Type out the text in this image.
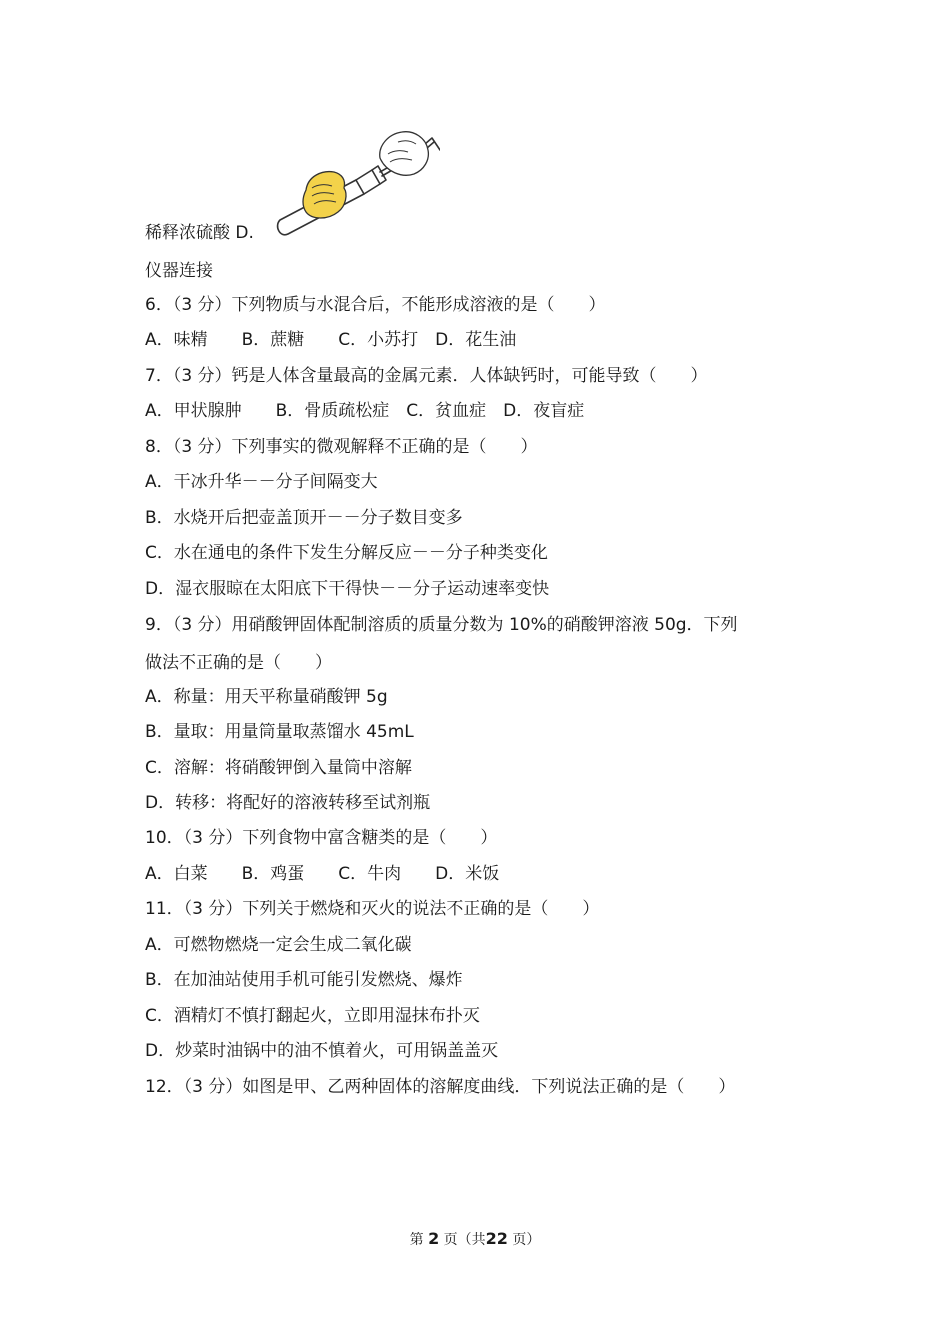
稀释浓硫酸 D.
仪器连接
6．（3 分）下列物质与水混合后，不能形成溶液的是（　　）
A．味精　　B．蔗糖　　C．小苏打　D．花生油
7．（3 分）钙是人体含量最高的金属元素．人体缺钙时，可能导致（　　）
A．甲状腺肿　　B．骨质疏松症　C．贫血症　D．夜盲症
8．（3 分）下列事实的微观解释不正确的是（　　）
A．干冰升华－－分子间隔变大
B．水烧开后把壶盖顶开－－分子数目变多
C．水在通电的条件下发生分解反应－－分子种类变化
D．湿衣服晾在太阳底下干得快－－分子运动速率变快
9．（3 分）用硝酸钾固体配制溶质的质量分数为 10%的硝酸钾溶液 50g．下列
做法不正确的是（　　）
A．称量：用天平称量硝酸钾 5g
B．量取：用量筒量取蒸馏水 45mL
C．溶解：将硝酸钾倒入量筒中溶解
D．转移：将配好的溶液转移至试剂瓶
10．（3 分）下列食物中富含糖类的是（　　）
A．白菜　　B．鸡蛋　　C．牛肉　　D．米饭
11．（3 分）下列关于燃烧和灭火的说法不正确的是（　　）
A．可燃物燃烧一定会生成二氧化碳
B．在加油站使用手机可能引发燃烧、爆炸
C．酒精灯不慎打翻起火，立即用湿抹布扑灭
D．炒菜时油锅中的油不慎着火，可用锅盖盖灭
12．（3 分）如图是甲、乙两种固体的溶解度曲线．下列说法正确的是（　　）
第 2 页（共22 页）
